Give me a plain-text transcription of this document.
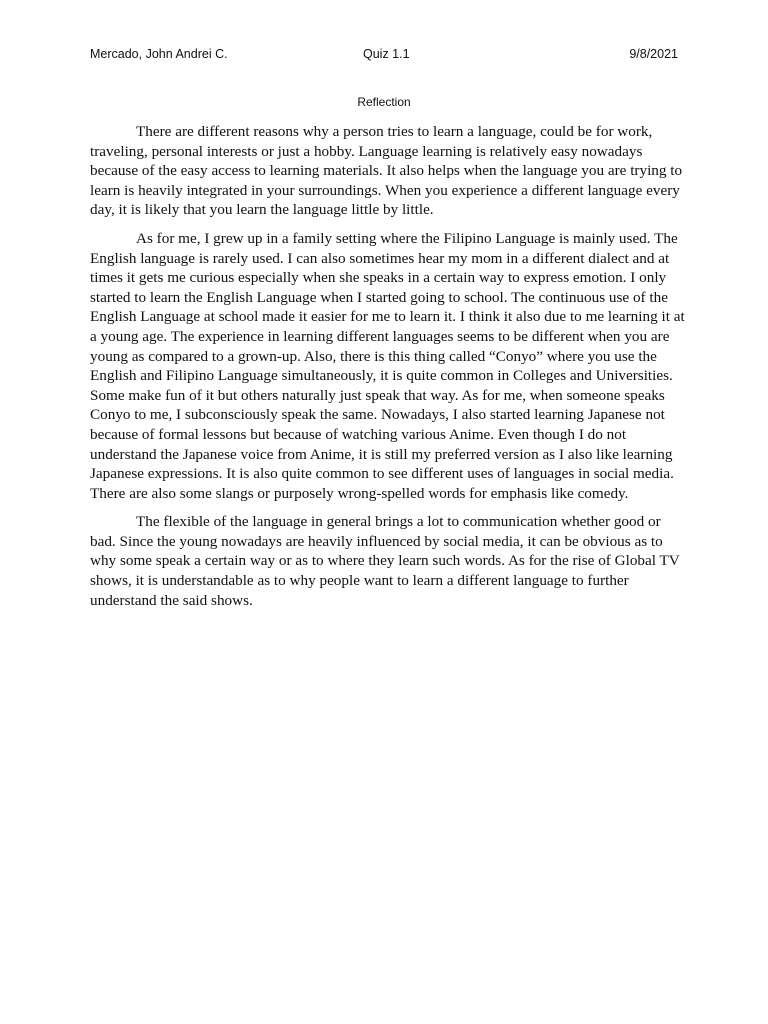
Mercado, John Andrei C.	Quiz 1.1	9/8/2021
Reflection

There are different reasons why a person tries to learn a language, could be for work, traveling, personal interests or just a hobby. Language learning is relatively easy nowadays because of the easy access to learning materials. It also helps when the language you are trying to learn is heavily integrated in your surroundings. When you experience a different language every day, it is likely that you learn the language little by little.

As for me, I grew up in a family setting where the Filipino Language is mainly used. The English language is rarely used. I can also sometimes hear my mom in a different dialect and at times it gets me curious especially when she speaks in a certain way to express emotion. I only started to learn the English Language when I started going to school. The continuous use of the English Language at school made it easier for me to learn it. I think it also due to me learning it at a young age. The experience in learning different languages seems to be different when you are young as compared to a grown-up. Also, there is this thing called “Conyo” where you use the English and Filipino Language simultaneously, it is quite common in Colleges and Universities. Some make fun of it but others naturally just speak that way. As for me, when someone speaks Conyo to me, I subconsciously speak the same. Nowadays, I also started learning Japanese not because of formal lessons but because of watching various Anime. Even though I do not understand the Japanese voice from Anime, it is still my preferred version as I also like learning Japanese expressions. It is also quite common to see different uses of languages in social media. There are also some slangs or purposely wrong-spelled words for emphasis like comedy.

The flexible of the language in general brings a lot to communication whether good or bad. Since the young nowadays are heavily influenced by social media, it can be obvious as to why some speak a certain way or as to where they learn such words. As for the rise of Global TV shows, it is understandable as to why people want to learn a different language to further understand the said shows.
